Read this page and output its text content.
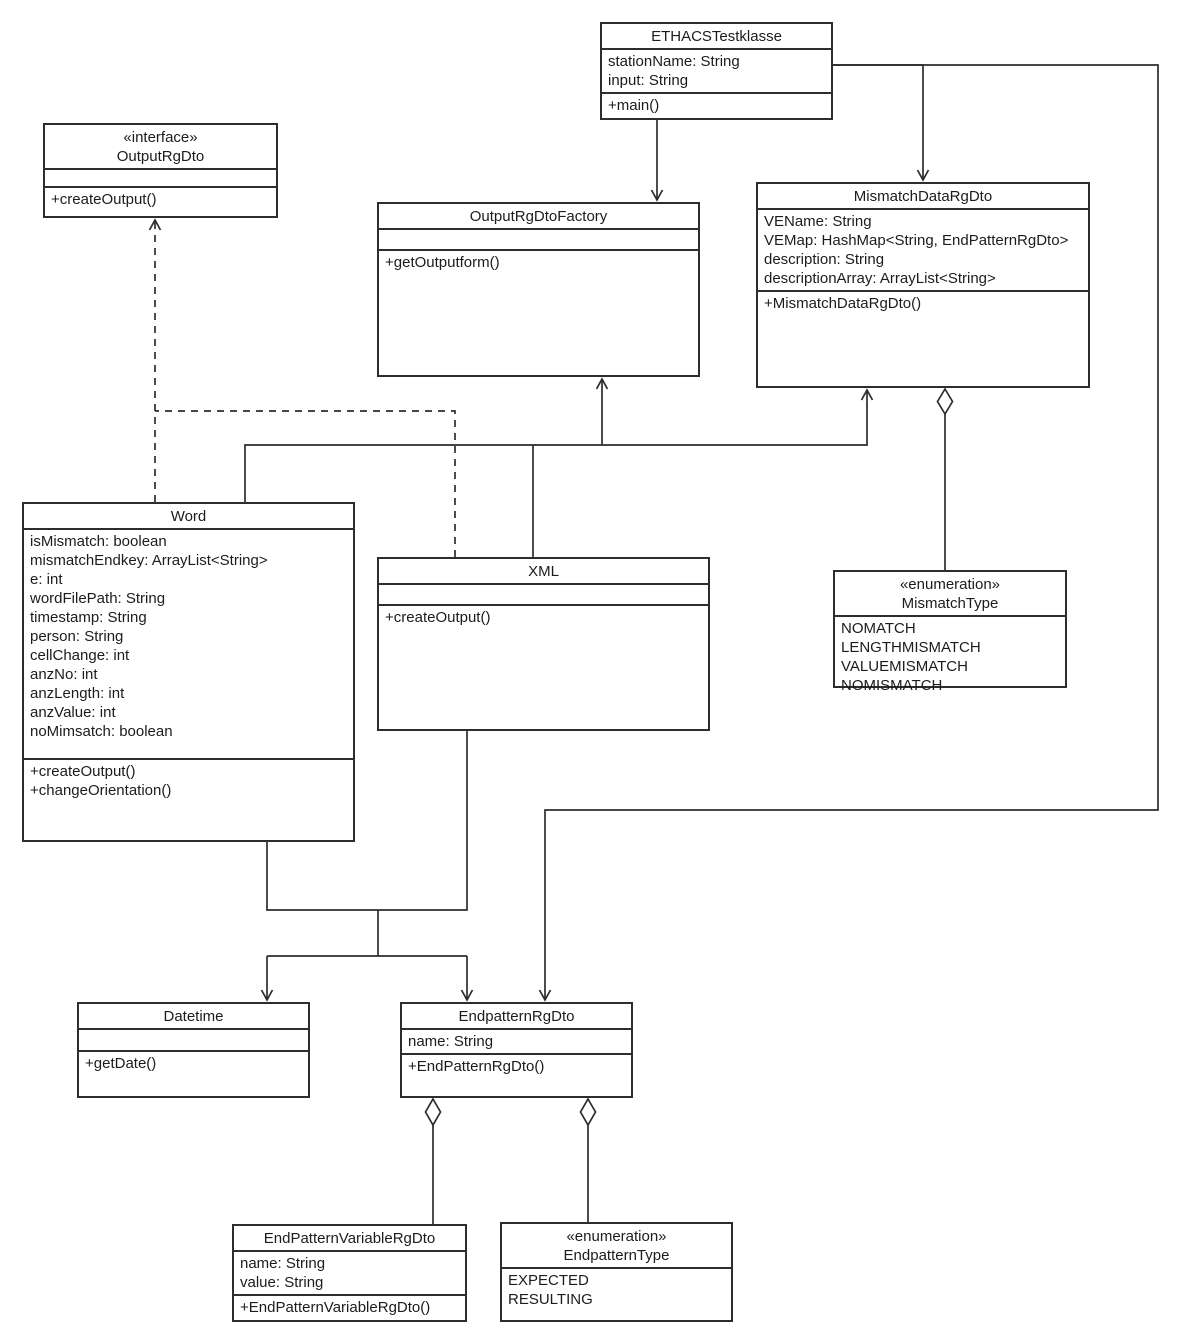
ETHACSTestklasse
stationName: String
input: String
+main()
«interface»
OutputRgDto
+createOutput()
OutputRgDtoFactory
+getOutputform()
MismatchDataRgDto
VEName: String
VEMap: HashMap<String, EndPatternRgDto>
description: String
descriptionArray: ArrayList<String>
+MismatchDataRgDto()
Word
isMismatch: boolean
mismatchEndkey: ArrayList<String>
e: int
wordFilePath: String
timestamp: String
person: String
cellChange: int
anzNo: int
anzLength: int
anzValue: int
noMimsatch: boolean
+createOutput()
+changeOrientation()
XML
+createOutput()
«enumeration»
MismatchType
NOMATCH
LENGTHMISMATCH
VALUEMISMATCH
NOMISMATCH
Datetime
+getDate()
EndpatternRgDto
name: String
+EndPatternRgDto()
EndPatternVariableRgDto
name: String
value: String
+EndPatternVariableRgDto()
«enumeration»
EndpatternType
EXPECTED
RESULTING
